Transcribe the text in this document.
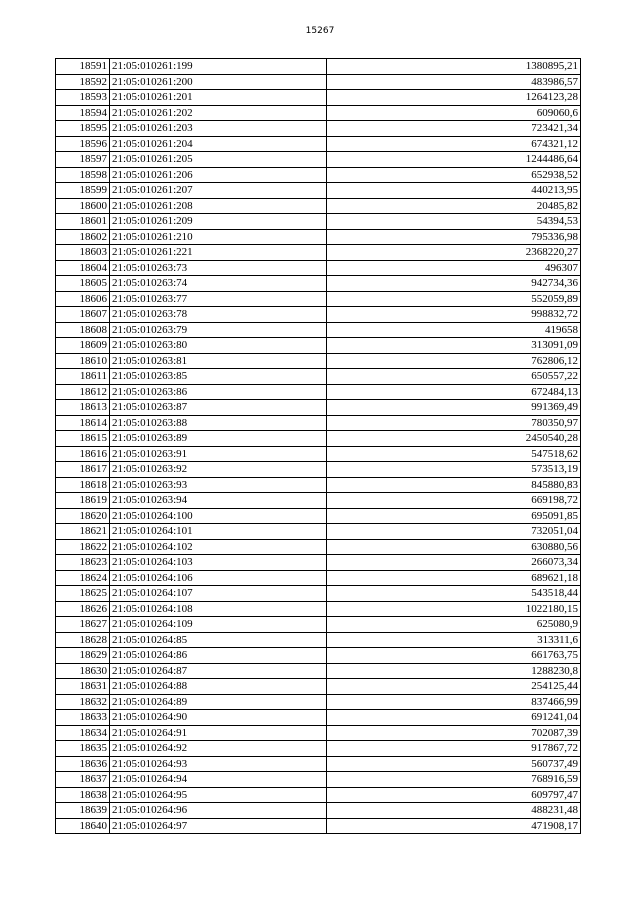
15267
18591	21:05:010261:199	1380895,21
18592	21:05:010261:200	483986,57
18593	21:05:010261:201	1264123,28
18594	21:05:010261:202	609060,6
18595	21:05:010261:203	723421,34
18596	21:05:010261:204	674321,12
18597	21:05:010261:205	1244486,64
18598	21:05:010261:206	652938,52
18599	21:05:010261:207	440213,95
18600	21:05:010261:208	20485,82
18601	21:05:010261:209	54394,53
18602	21:05:010261:210	795336,98
18603	21:05:010261:221	2368220,27
18604	21:05:010263:73	496307
18605	21:05:010263:74	942734,36
18606	21:05:010263:77	552059,89
18607	21:05:010263:78	998832,72
18608	21:05:010263:79	419658
18609	21:05:010263:80	313091,09
18610	21:05:010263:81	762806,12
18611	21:05:010263:85	650557,22
18612	21:05:010263:86	672484,13
18613	21:05:010263:87	991369,49
18614	21:05:010263:88	780350,97
18615	21:05:010263:89	2450540,28
18616	21:05:010263:91	547518,62
18617	21:05:010263:92	573513,19
18618	21:05:010263:93	845880,83
18619	21:05:010263:94	669198,72
18620	21:05:010264:100	695091,85
18621	21:05:010264:101	732051,04
18622	21:05:010264:102	630880,56
18623	21:05:010264:103	266073,34
18624	21:05:010264:106	689621,18
18625	21:05:010264:107	543518,44
18626	21:05:010264:108	1022180,15
18627	21:05:010264:109	625080,9
18628	21:05:010264:85	313311,6
18629	21:05:010264:86	661763,75
18630	21:05:010264:87	1288230,8
18631	21:05:010264:88	254125,44
18632	21:05:010264:89	837466,99
18633	21:05:010264:90	691241,04
18634	21:05:010264:91	702087,39
18635	21:05:010264:92	917867,72
18636	21:05:010264:93	560737,49
18637	21:05:010264:94	768916,59
18638	21:05:010264:95	609797,47
18639	21:05:010264:96	488231,48
18640	21:05:010264:97	471908,17
